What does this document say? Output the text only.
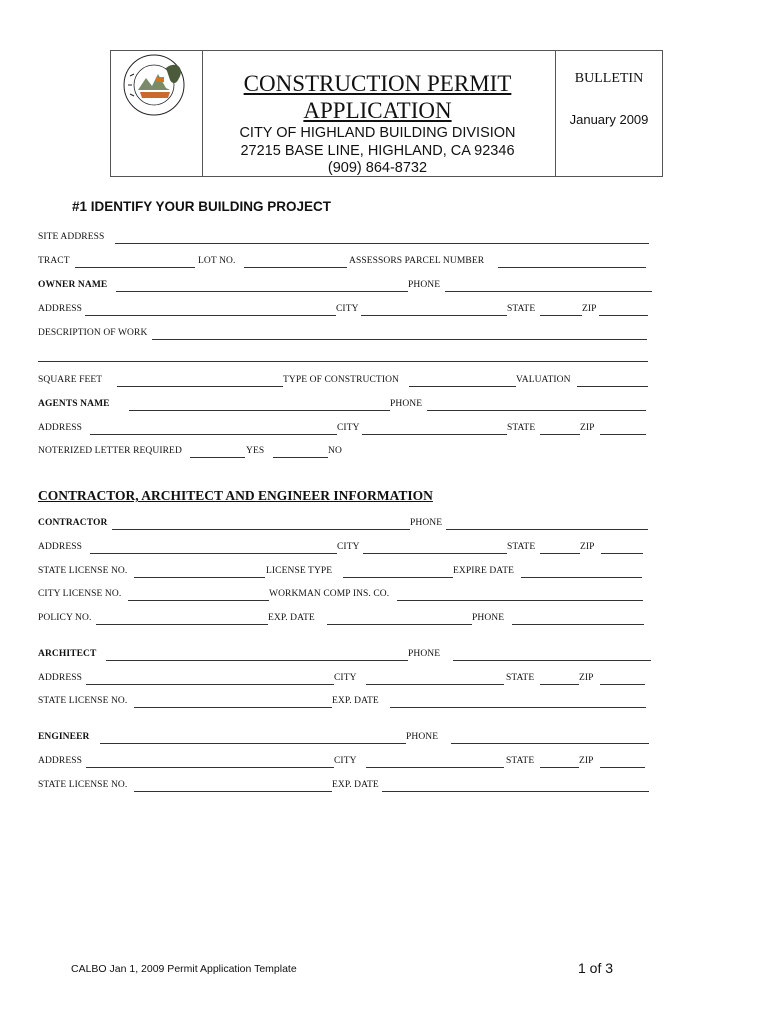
CONSTRUCTION PERMIT
APPLICATION
CITY OF HIGHLAND BUILDING DIVISION
27215 BASE LINE, HIGHLAND, CA 92346
(909) 864-8732
BULLETIN
January 2009
#1 IDENTIFY YOUR BUILDING PROJECT
SITE ADDRESS
TRACT	LOT NO.	ASSESSORS PARCEL NUMBER
OWNER NAME	PHONE
ADDRESS	CITY	STATE	ZIP
DESCRIPTION OF WORK
SQUARE FEET	TYPE OF CONSTRUCTION	VALUATION
AGENTS NAME	PHONE
ADDRESS	CITY	STATE	ZIP
NOTERIZED LETTER REQUIRED	YES	NO
CONTRACTOR, ARCHITECT AND ENGINEER INFORMATION
CONTRACTOR	PHONE
ADDRESS	CITY	STATE	ZIP
STATE LICENSE NO.	LICENSE TYPE	EXPIRE DATE
CITY LICENSE NO.	WORKMAN COMP INS. CO.
POLICY NO.	EXP. DATE	PHONE
ARCHITECT	PHONE
ADDRESS	CITY	STATE	ZIP
STATE LICENSE NO.	EXP. DATE
ENGINEER	PHONE
ADDRESS	CITY	STATE	ZIP
STATE LICENSE NO.	EXP. DATE
CALBO Jan 1, 2009 Permit Application Template	1 of 3
